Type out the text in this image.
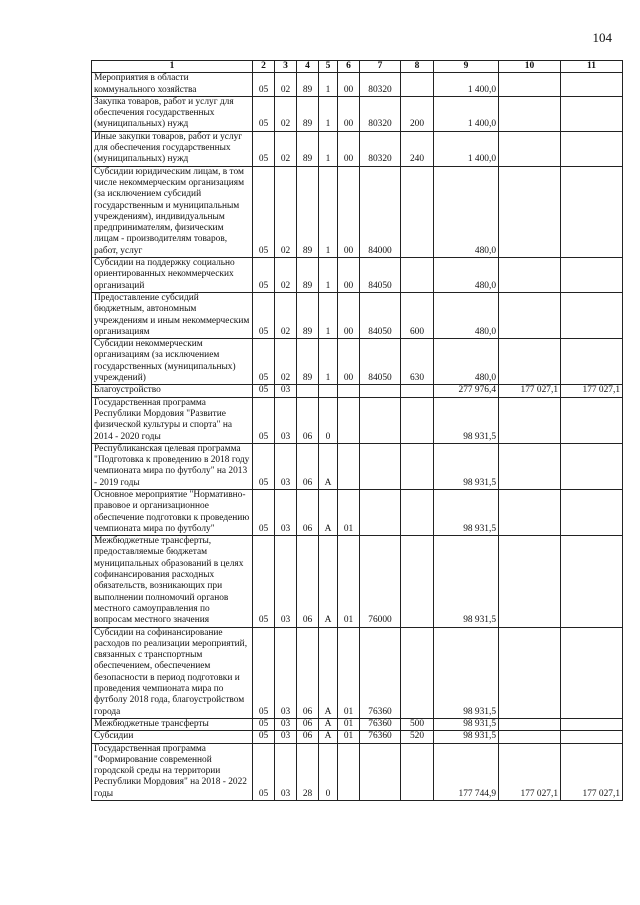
104
1	2	3	4	5	6	7	8	9	10	11
Мероприятия в области коммунального хозяйства	05	02	89	1	00	80320		1 400,0		
Закупка товаров, работ и услуг для обеспечения государственных (муниципальных) нужд	05	02	89	1	00	80320	200	1 400,0		
Иные закупки товаров, работ и услуг для обеспечения государственных (муниципальных) нужд	05	02	89	1	00	80320	240	1 400,0		
Субсидии юридическим лицам, в том числе некоммерческим организациям (за исключением субсидий государственным и муниципальным учреждениям), индивидуальным предпринимателям, физическим лицам - производителям товаров, работ, услуг	05	02	89	1	00	84000		480,0		
Субсидии на поддержку социально ориентированных некоммерческих организаций	05	02	89	1	00	84050		480,0		
Предоставление субсидий бюджетным, автономным учреждениям и иным некоммерческим организациям	05	02	89	1	00	84050	600	480,0		
Субсидии некоммерческим организациям (за исключением государственных (муниципальных) учреждений)	05	02	89	1	00	84050	630	480,0		
Благоустройство	05	03						277 976,4	177 027,1	177 027,1
Государственная программа Республики Мордовия "Развитие физической культуры и спорта" на 2014 - 2020 годы	05	03	06	0				98 931,5		
Республиканская целевая программа "Подготовка к проведению в 2018 году чемпионата мира по футболу" на 2013 - 2019 годы	05	03	06	А				98 931,5		
Основное мероприятие "Нормативно-правовое и организационное обеспечение подготовки к проведению чемпионата мира по футболу"	05	03	06	А	01			98 931,5		
Межбюджетные трансферты, предоставляемые бюджетам муниципальных образований в целях софинансирования расходных обязательств, возникающих при выполнении полномочий органов местного самоуправления по вопросам местного значения	05	03	06	А	01	76000		98 931,5		
Субсидии на софинансирование расходов по реализации мероприятий, связанных с транспортным обеспечением, обеспечением безопасности в период подготовки и проведения чемпионата мира по футболу 2018 года, благоустройством города	05	03	06	А	01	76360		98 931,5		
Межбюджетные трансферты	05	03	06	А	01	76360	500	98 931,5		
Субсидии	05	03	06	А	01	76360	520	98 931,5		
Государственная программа "Формирование современной городской среды на территории Республики Мордовия" на 2018 - 2022 годы	05	03	28	0				177 744,9	177 027,1	177 027,1
